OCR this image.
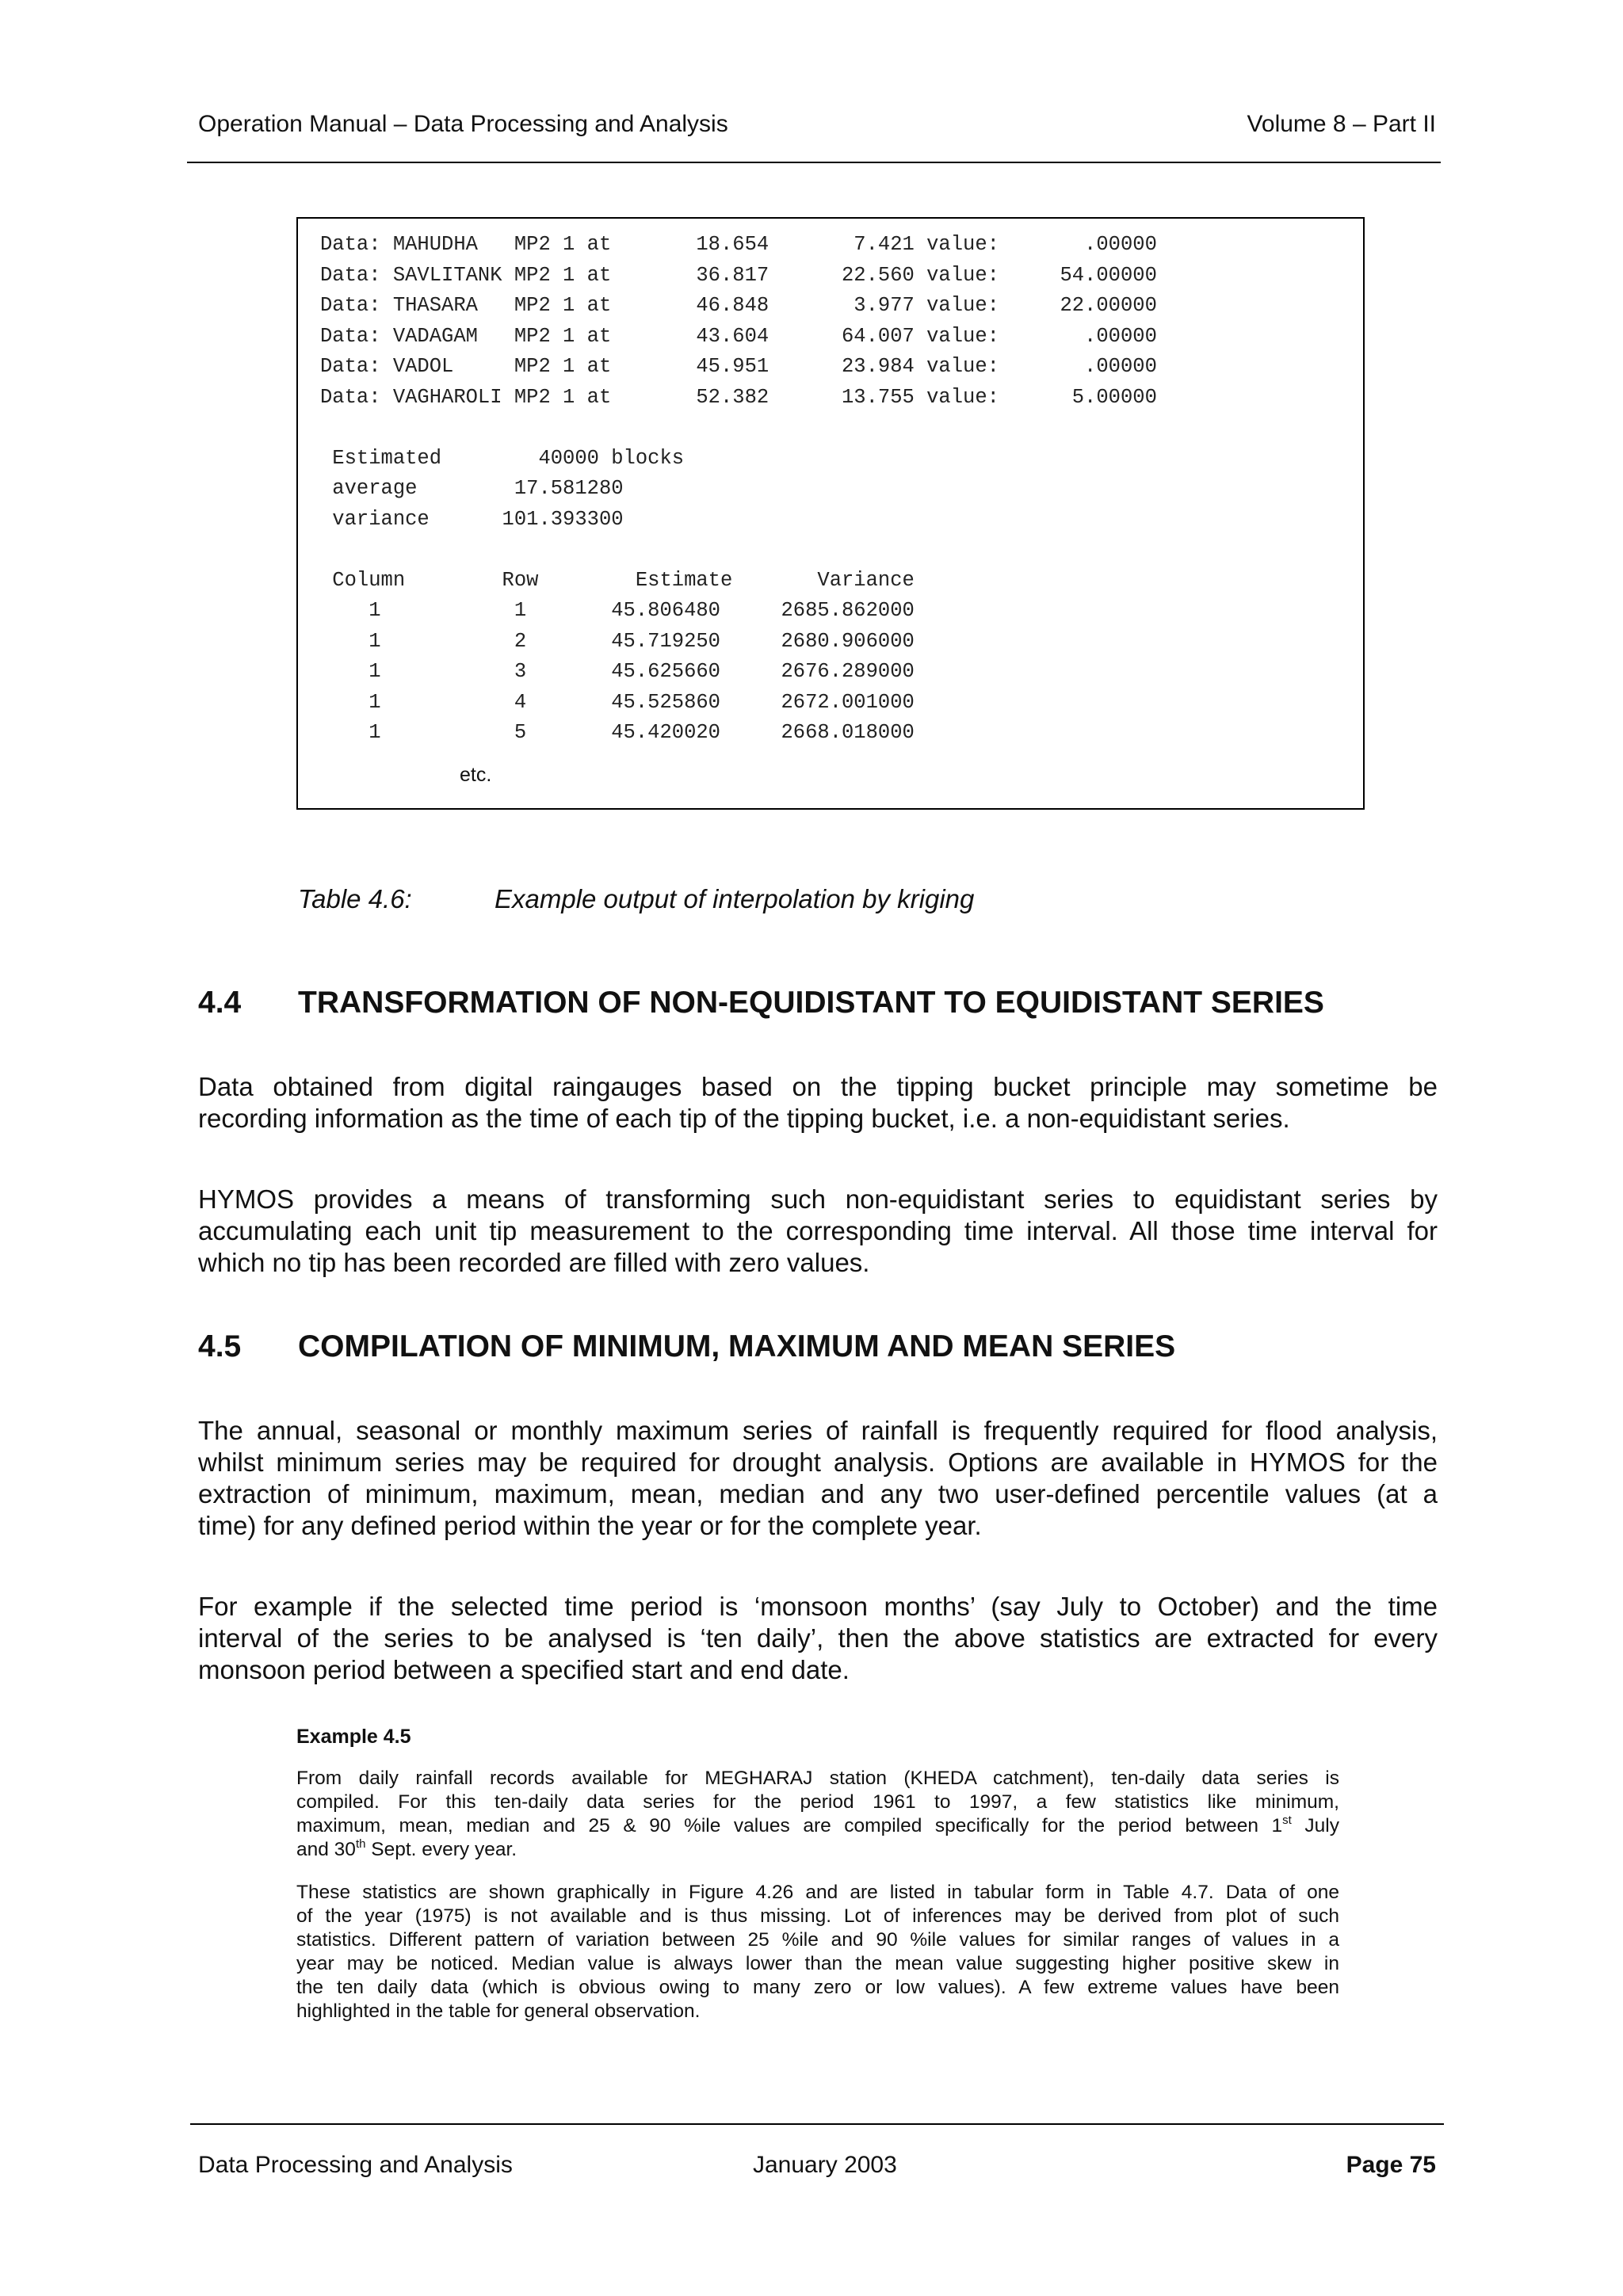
Operation Manual – Data Processing and Analysis	Volume 8 – Part II
Data: MAHUDHA   MP2 1 at       18.654       7.421 value:       .00000
Data: SAVLITANK MP2 1 at       36.817      22.560 value:     54.00000
Data: THASARA   MP2 1 at       46.848       3.977 value:     22.00000
Data: VADAGAM   MP2 1 at       43.604      64.007 value:       .00000
Data: VADOL     MP2 1 at       45.951      23.984 value:       .00000
Data: VAGHAROLI MP2 1 at       52.382      13.755 value:      5.00000
Estimated        40000 blocks
average        17.581280
variance      101.393300
Column        Row        Estimate       Variance
1           1       45.806480     2685.862000
1           2       45.719250     2680.906000
1           3       45.625660     2676.289000
1           4       45.525860     2672.001000
1           5       45.420020     2668.018000
etc.
Table 4.6:	Example output of interpolation by kriging
4.4 TRANSFORMATION OF NON-EQUIDISTANT TO EQUIDISTANT SERIES
Data obtained from digital raingauges based on the tipping bucket principle may sometime be
recording information as the time of each tip of the tipping bucket, i.e. a non-equidistant series.
HYMOS provides a means of transforming such non-equidistant series to equidistant series by
accumulating each unit tip measurement to the corresponding time interval. All those time interval for
which no tip has been recorded are filled with zero values.
4.5 COMPILATION OF MINIMUM, MAXIMUM AND MEAN SERIES
The annual, seasonal or monthly maximum series of rainfall is frequently required for flood analysis,
whilst minimum series may be required for drought analysis. Options are available in HYMOS for the
extraction of minimum, maximum, mean, median and any two user-defined percentile values (at a
time) for any defined period within the year or for the complete year.
For example if the selected time period is ‘monsoon months’ (say July to October) and the time
interval of the series to be analysed is ‘ten daily’, then the above statistics are extracted for every
monsoon period between a specified start and end date.
Example 4.5
From daily rainfall records available for MEGHARAJ station (KHEDA catchment), ten-daily data series is
compiled. For this ten-daily data series for the period 1961 to 1997, a few statistics like minimum,
maximum, mean, median and 25 & 90 %ile values are compiled specifically for the period between 1st July
and 30th Sept. every year.
These statistics are shown graphically in Figure 4.26 and are listed in tabular form in Table 4.7. Data of one
of the year (1975) is not available and is thus missing. Lot of inferences may be derived from plot of such
statistics. Different pattern of variation between 25 %ile and 90 %ile values for similar ranges of values in a
year may be noticed. Median value is always lower than the mean value suggesting higher positive skew in
the ten daily data (which is obvious owing to many zero or low values). A few extreme values have been
highlighted in the table for general observation.
Data Processing and Analysis	January 2003	Page 75
